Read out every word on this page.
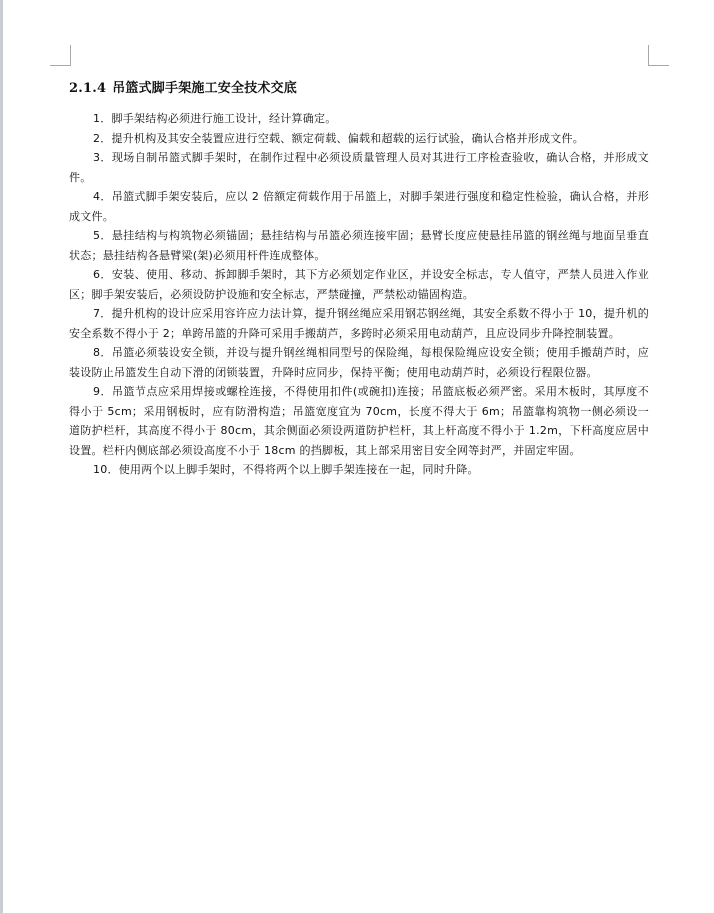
2.1.4 吊篮式脚手架施工安全技术交底

1．脚手架结构必须进行施工设计，经计算确定。

2．提升机构及其安全装置应进行空载、额定荷载、偏载和超载的运行试验，确认合格并形成文件。

3．现场自制吊篮式脚手架时，在制作过程中必须设质量管理人员对其进行工序检查验收，确认合格，并形成文件。

4．吊篮式脚手架安装后，应以 2 倍额定荷载作用于吊篮上，对脚手架进行强度和稳定性检验，确认合格，并形成文件。

5．悬挂结构与构筑物必须锚固；悬挂结构与吊篮必须连接牢固；悬臂长度应使悬挂吊篮的钢丝绳与地面呈垂直状态；悬挂结构各悬臂梁(架)必须用杆件连成整体。

6．安装、使用、移动、拆卸脚手架时，其下方必须划定作业区，并设安全标志，专人值守，严禁人员进入作业区；脚手架安装后，必须设防护设施和安全标志，严禁碰撞，严禁松动锚固构造。

7．提升机构的设计应采用容许应力法计算，提升钢丝绳应采用钢芯钢丝绳，其安全系数不得小于 10，提升机的安全系数不得小于 2；单跨吊篮的升降可采用手搬葫芦，多跨时必须采用电动葫芦，且应设同步升降控制装置。

8．吊篮必须装设安全锁，并设与提升钢丝绳相同型号的保险绳，每根保险绳应设安全锁；使用手搬葫芦时，应装设防止吊篮发生自动下滑的闭锁装置，升降时应同步，保持平衡；使用电动葫芦时，必须设行程限位器。

9．吊篮节点应采用焊接或螺栓连接，不得使用扣件(或碗扣)连接；吊篮底板必须严密。采用木板时，其厚度不得小于 5cm；采用钢板时，应有防滑构造；吊篮宽度宜为 70cm，长度不得大于 6m；吊篮靠构筑物一侧必须设一道防护栏杆，其高度不得小于 80cm，其余侧面必须设两道防护栏杆，其上杆高度不得小于 1.2m，下杆高度应居中设置。栏杆内侧底部必须设高度不小于 18cm 的挡脚板，其上部采用密目安全网等封严，并固定牢固。

10．使用两个以上脚手架时，不得将两个以上脚手架连接在一起，同时升降。
